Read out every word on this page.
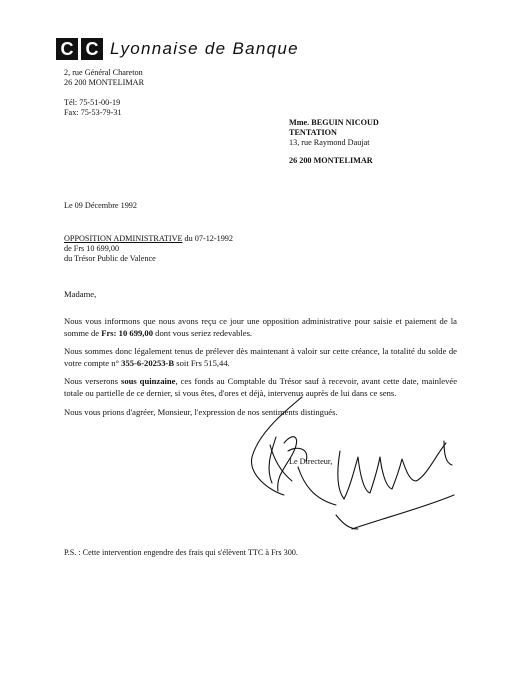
C C Lyonnaise de Banque
2, rue Général Chareton
26 200 MONTELIMAR
Tél: 75-51-00-19
Fax: 75-53-79-31
Mme. BEGUIN NICOUD
TENTATION
13, rue Raymond Daujat
26 200 MONTELIMAR
Le 09 Décembre 1992
OPPOSITION ADMINISTRATIVE du 07-12-1992
de Frs 10 699,00
du Trésor Public de Valence
Madame,
Nous vous informons que nous avons reçu ce jour une opposition administrative pour saisie et paiement de la somme de Frs: 10 699,00 dont vous seriez redevables.
Nous sommes donc légalement tenus de prélever dès maintenant à valoir sur cette créance, la totalité du solde de votre compte n° 355-6-20253-B soit Frs 515,44.
Nous verserons sous quinzaine, ces fonds au Comptable du Trésor sauf à recevoir, avant cette date, mainlevée totale ou partielle de ce dernier, si vous êtes, d'ores et déjà, intervenus auprès de lui dans ce sens.
Nous vous prions d'agréer, Monsieur, l'expression de nos sentiments distingués.
Le Directeur,
P.S. : Cette intervention engendre des frais qui s'élèvent TTC à Frs 300.
